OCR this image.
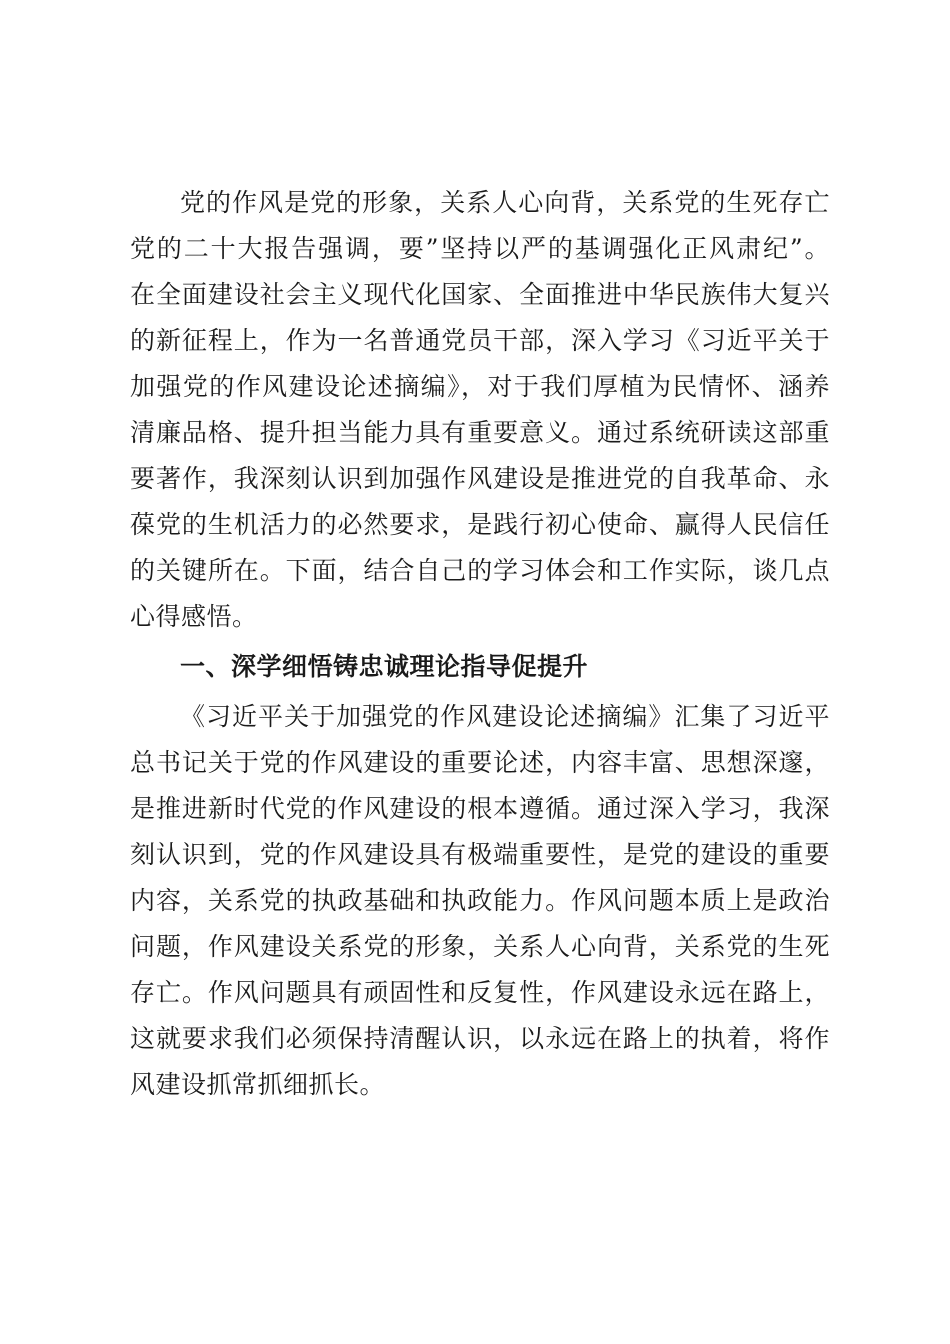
党的作风是党的形象，关系人心向背，关系党的生死存亡
党的二十大报告强调，要”坚持以严的基调强化正风肃纪”。
在全面建设社会主义现代化国家、全面推进中华民族伟大复兴
的新征程上，作为一名普通党员干部，深入学习《习近平关于
加强党的作风建设论述摘编》，对于我们厚植为民情怀、涵养
清廉品格、提升担当能力具有重要意义。通过系统研读这部重
要著作，我深刻认识到加强作风建设是推进党的自我革命、永
葆党的生机活力的必然要求，是践行初心使命、赢得人民信任
的关键所在。下面，结合自己的学习体会和工作实际，谈几点
心得感悟。
一、深学细悟铸忠诚理论指导促提升
《习近平关于加强党的作风建设论述摘编》汇集了习近平
总书记关于党的作风建设的重要论述，内容丰富、思想深邃，
是推进新时代党的作风建设的根本遵循。通过深入学习，我深
刻认识到，党的作风建设具有极端重要性，是党的建设的重要
内容，关系党的执政基础和执政能力。作风问题本质上是政治
问题，作风建设关系党的形象，关系人心向背，关系党的生死
存亡。作风问题具有顽固性和反复性，作风建设永远在路上，
这就要求我们必须保持清醒认识，以永远在路上的执着，将作
风建设抓常抓细抓长。
